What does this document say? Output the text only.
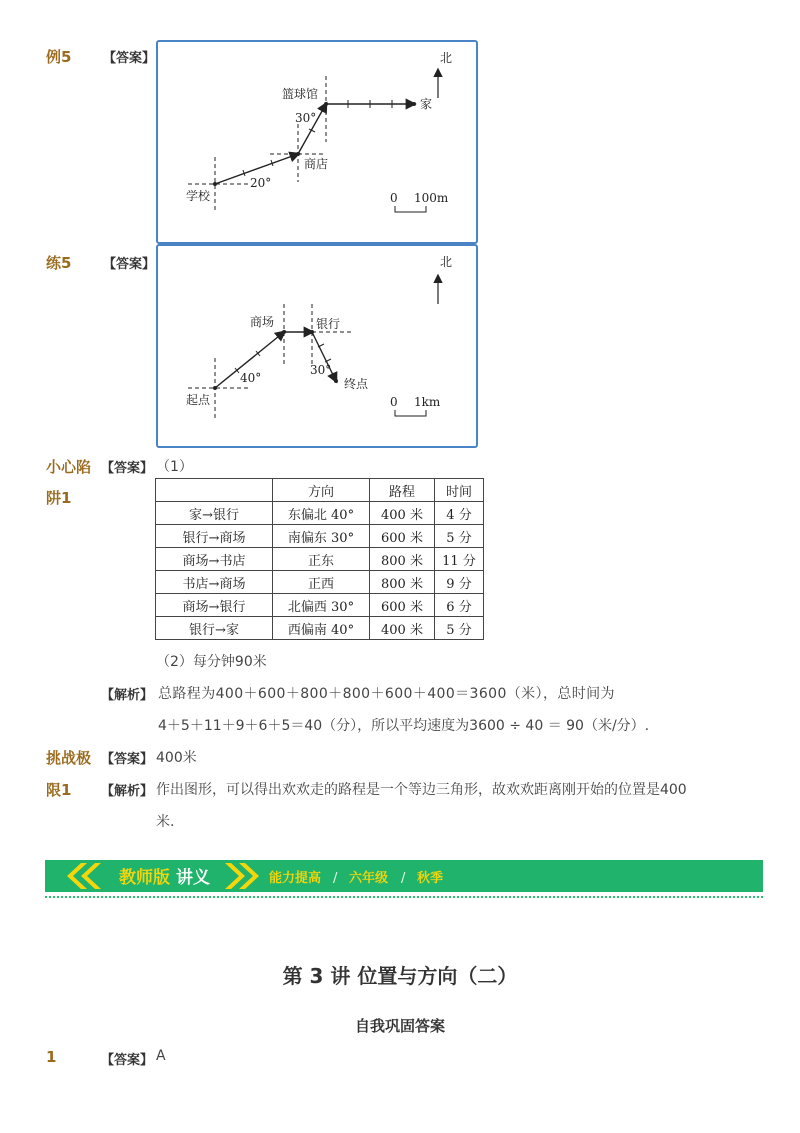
例5 【答案】	北
篮球馆
家
30°
商店
20°
学校	0 100m
练5 【答案】	北
商场	银行
40°
30°
终点
起点	0 1km
小心陷
阱1
【答案】 （1）
	方向	路程	时间
家→银行	东偏北 40°	400 米	4 分
银行→商场	南偏东 30°	600 米	5 分
商场→书店	正东	800 米	11 分
书店→商场	正西	800 米	9 分
商场→银行	北偏西 30°	600 米	6 分
银行→家	西偏南 40°	400 米	5 分
（2）每分钟90米
【解析】 总路程为400＋600＋800＋800＋600＋400＝3600（米），总时间为
4＋5＋11＋9＋6＋5＝40（分），所以平均速度为3600 ÷ 40 ＝ 90（米/分）.
挑战极
限1
【答案】 400米
【解析】 作出图形，可以得出欢欢走的路程是一个等边三角形，故欢欢距离刚开始的位置是400
米.
教师版 讲义	能力提高 / 六年级 / 秋季
第 3 讲 位置与方向（二）
自我巩固答案
1	【答案】 A
